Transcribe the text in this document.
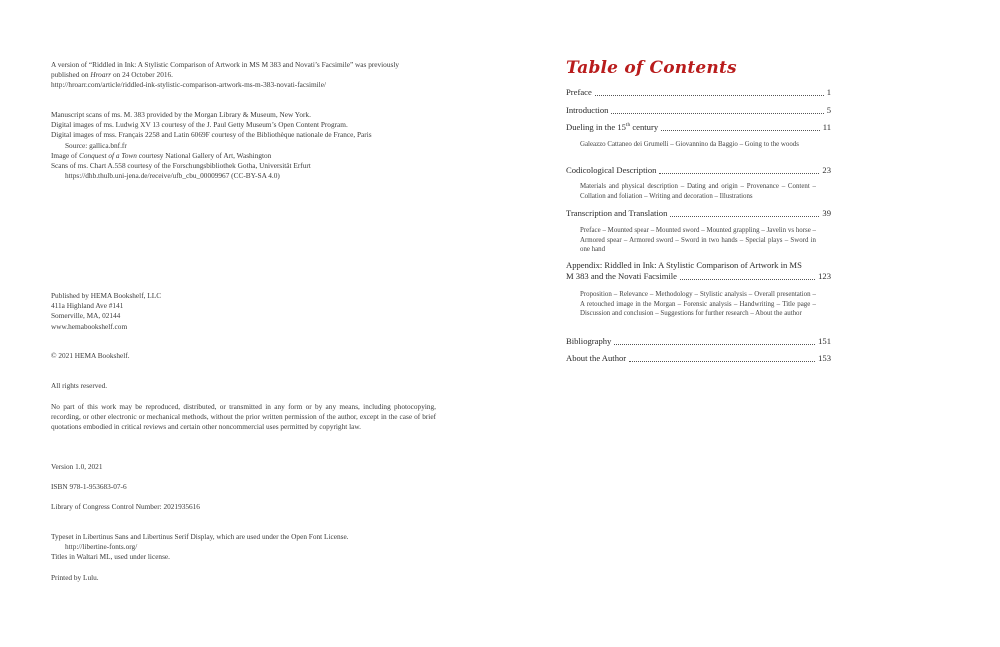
A version of “Riddled in Ink: A Stylistic Comparison of Artwork in MS M 383 and Novati’s Facsimile” was previously

published on Hroarr on 24 October 2016.

http://hroarr.com/article/riddled-ink-stylistic-comparison-artwork-ms-m-383-novati-facsimile/

Manuscript scans of ms. M. 383 provided by the Morgan Library & Museum, New York.

Digital images of ms. Ludwig XV 13 courtesy of the J. Paul Getty Museum’s Open Content Program.

Digital images of mss. Français 2258 and Latin 6069F courtesy of the Bibliothèque nationale de France, Paris

Source: gallica.bnf.fr

Image of Conquest of a Town courtesy National Gallery of Art, Washington

Scans of ms. Chart A.558 courtesy of the Forschungsbibliothek Gotha, Universität Erfurt

https://dhb.thulb.uni-jena.de/receive/ufb_cbu_00009967 (CC-BY-SA 4.0)

Published by HEMA Bookshelf, LLC

411a Highland Ave #141

Somerville, MA, 02144

www.hemabookshelf.com

© 2021 HEMA Bookshelf.

All rights reserved.

No part of this work may be reproduced, distributed, or transmitted in any form or by any means, including photocopying, recording, or other electronic or mechanical methods, without the prior written permission of the author, except in the case of brief quotations embodied in critical reviews and certain other noncommercial uses permitted by copyright law.

Version 1.0, 2021

ISBN 978-1-953683-07-6

Library of Congress Control Number: 2021935616

Typeset in Libertinus Sans and Libertinus Serif Display, which are used under the Open Font License.

http://libertine-fonts.org/

Titles in Waltari ML, used under license.

Printed by Lulu.

Table of Contents
Preface	1
Introduction	5
Dueling in the 15th century	11
Galeazzo Cattaneo dei Grumelli – Giovannino da Baggio – Going to the woods
Codicological Description	23
Materials and physical description – Dating and origin – Provenance – Content – Collation and foliation – Writing and decoration – Illustrations
Transcription and Translation	39
Preface – Mounted spear – Mounted sword – Mounted grappling – Javelin vs horse – Armored spear – Armored sword – Sword in two hands – Special plays – Sword in one hand
Appendix: Riddled in Ink: A Stylistic Comparison of Artwork in MS
M 383 and the Novati Facsimile	123
Proposition – Relevance – Methodology – Stylistic analysis – Overall presentation – A retouched image in the Morgan – Forensic analysis – Handwriting – Title page – Discussion and conclusion – Suggestions for further research – About the author
Bibliography	151
About the Author	153
